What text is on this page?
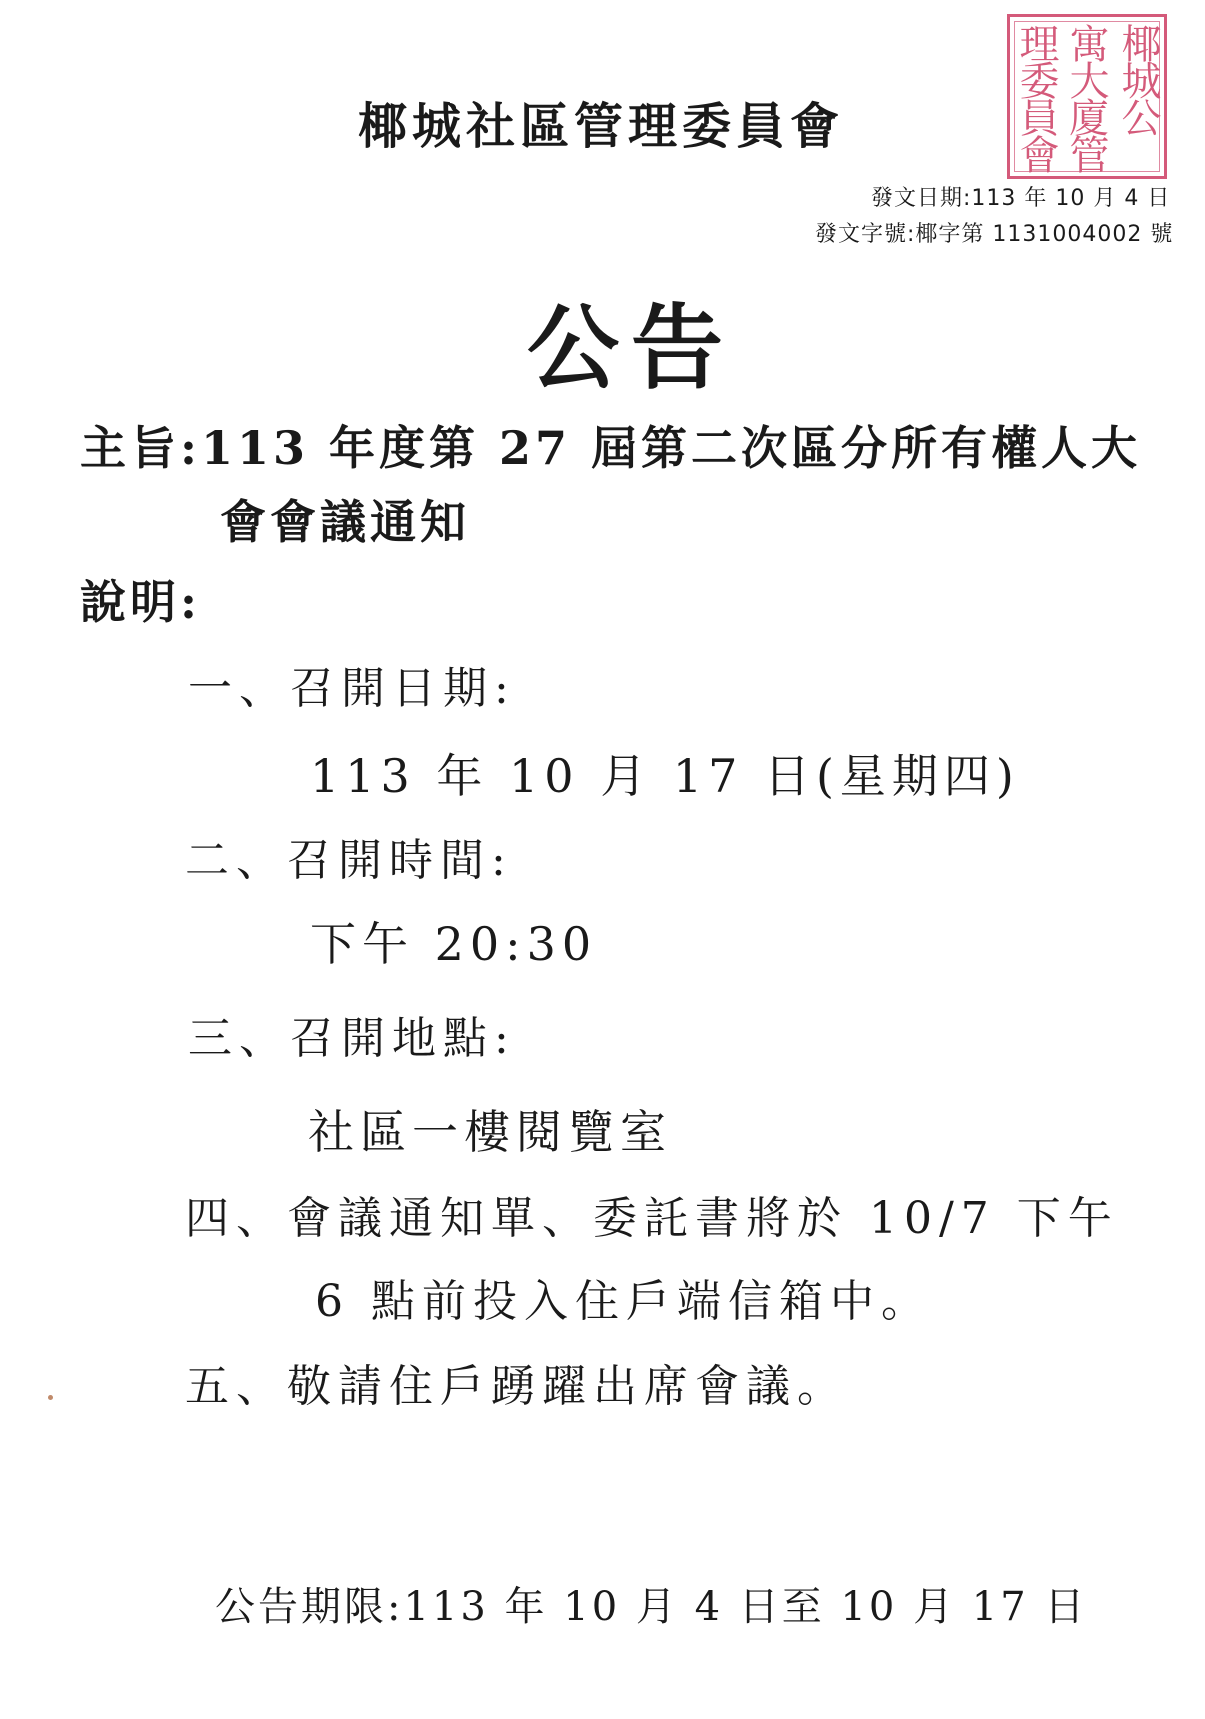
椰城社區管理委員會	椰城公
寓大廈管
理委員會
發文日期:113 年 10 月 4 日
發文字號:椰字第 1131004002 號
公告
主旨:113 年度第 27 屆第二次區分所有權人大
會會議通知
說明:
一、召開日期:
113 年 10 月 17 日(星期四)
二、召開時間:
下午 20:30
三、召開地點:
社區一樓閱覽室
四、會議通知單、委託書將於 10/7 下午
6 點前投入住戶端信箱中。
五、敬請住戶踴躍出席會議。
公告期限:113 年 10 月 4 日至 10 月 17 日
